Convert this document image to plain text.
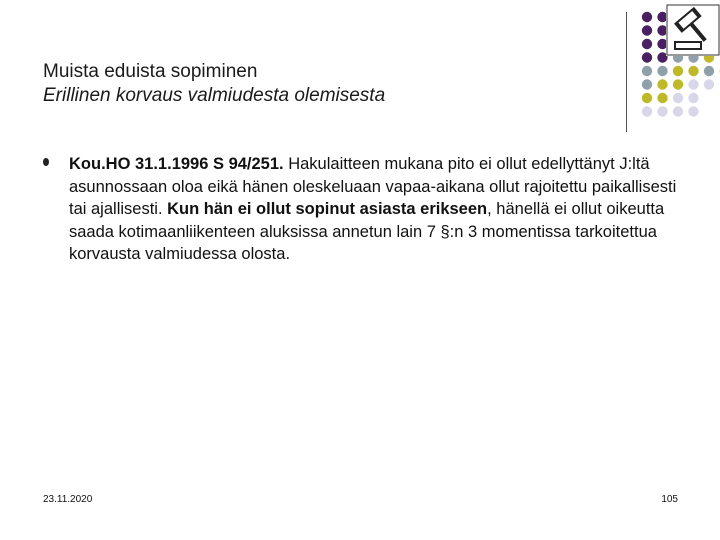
Muista eduista sopiminen
Erillinen korvaus valmiudesta olemisesta
Kou.HO 31.1.1996 S 94/251. Hakulaitteen mukana pito ei ollut edellyttänyt J:ltä asunnossaan oloa eikä hänen oleskeluaan vapaa-aikana ollut rajoitettu paikallisesti tai ajallisesti. Kun hän ei ollut sopinut asiasta erikseen, hänellä ei ollut oikeutta saada kotimaanliikenteen aluksissa annetun lain 7 §:n 3 momentissa tarkoitettua korvausta valmiudessa olosta.
23.11.2020	105
